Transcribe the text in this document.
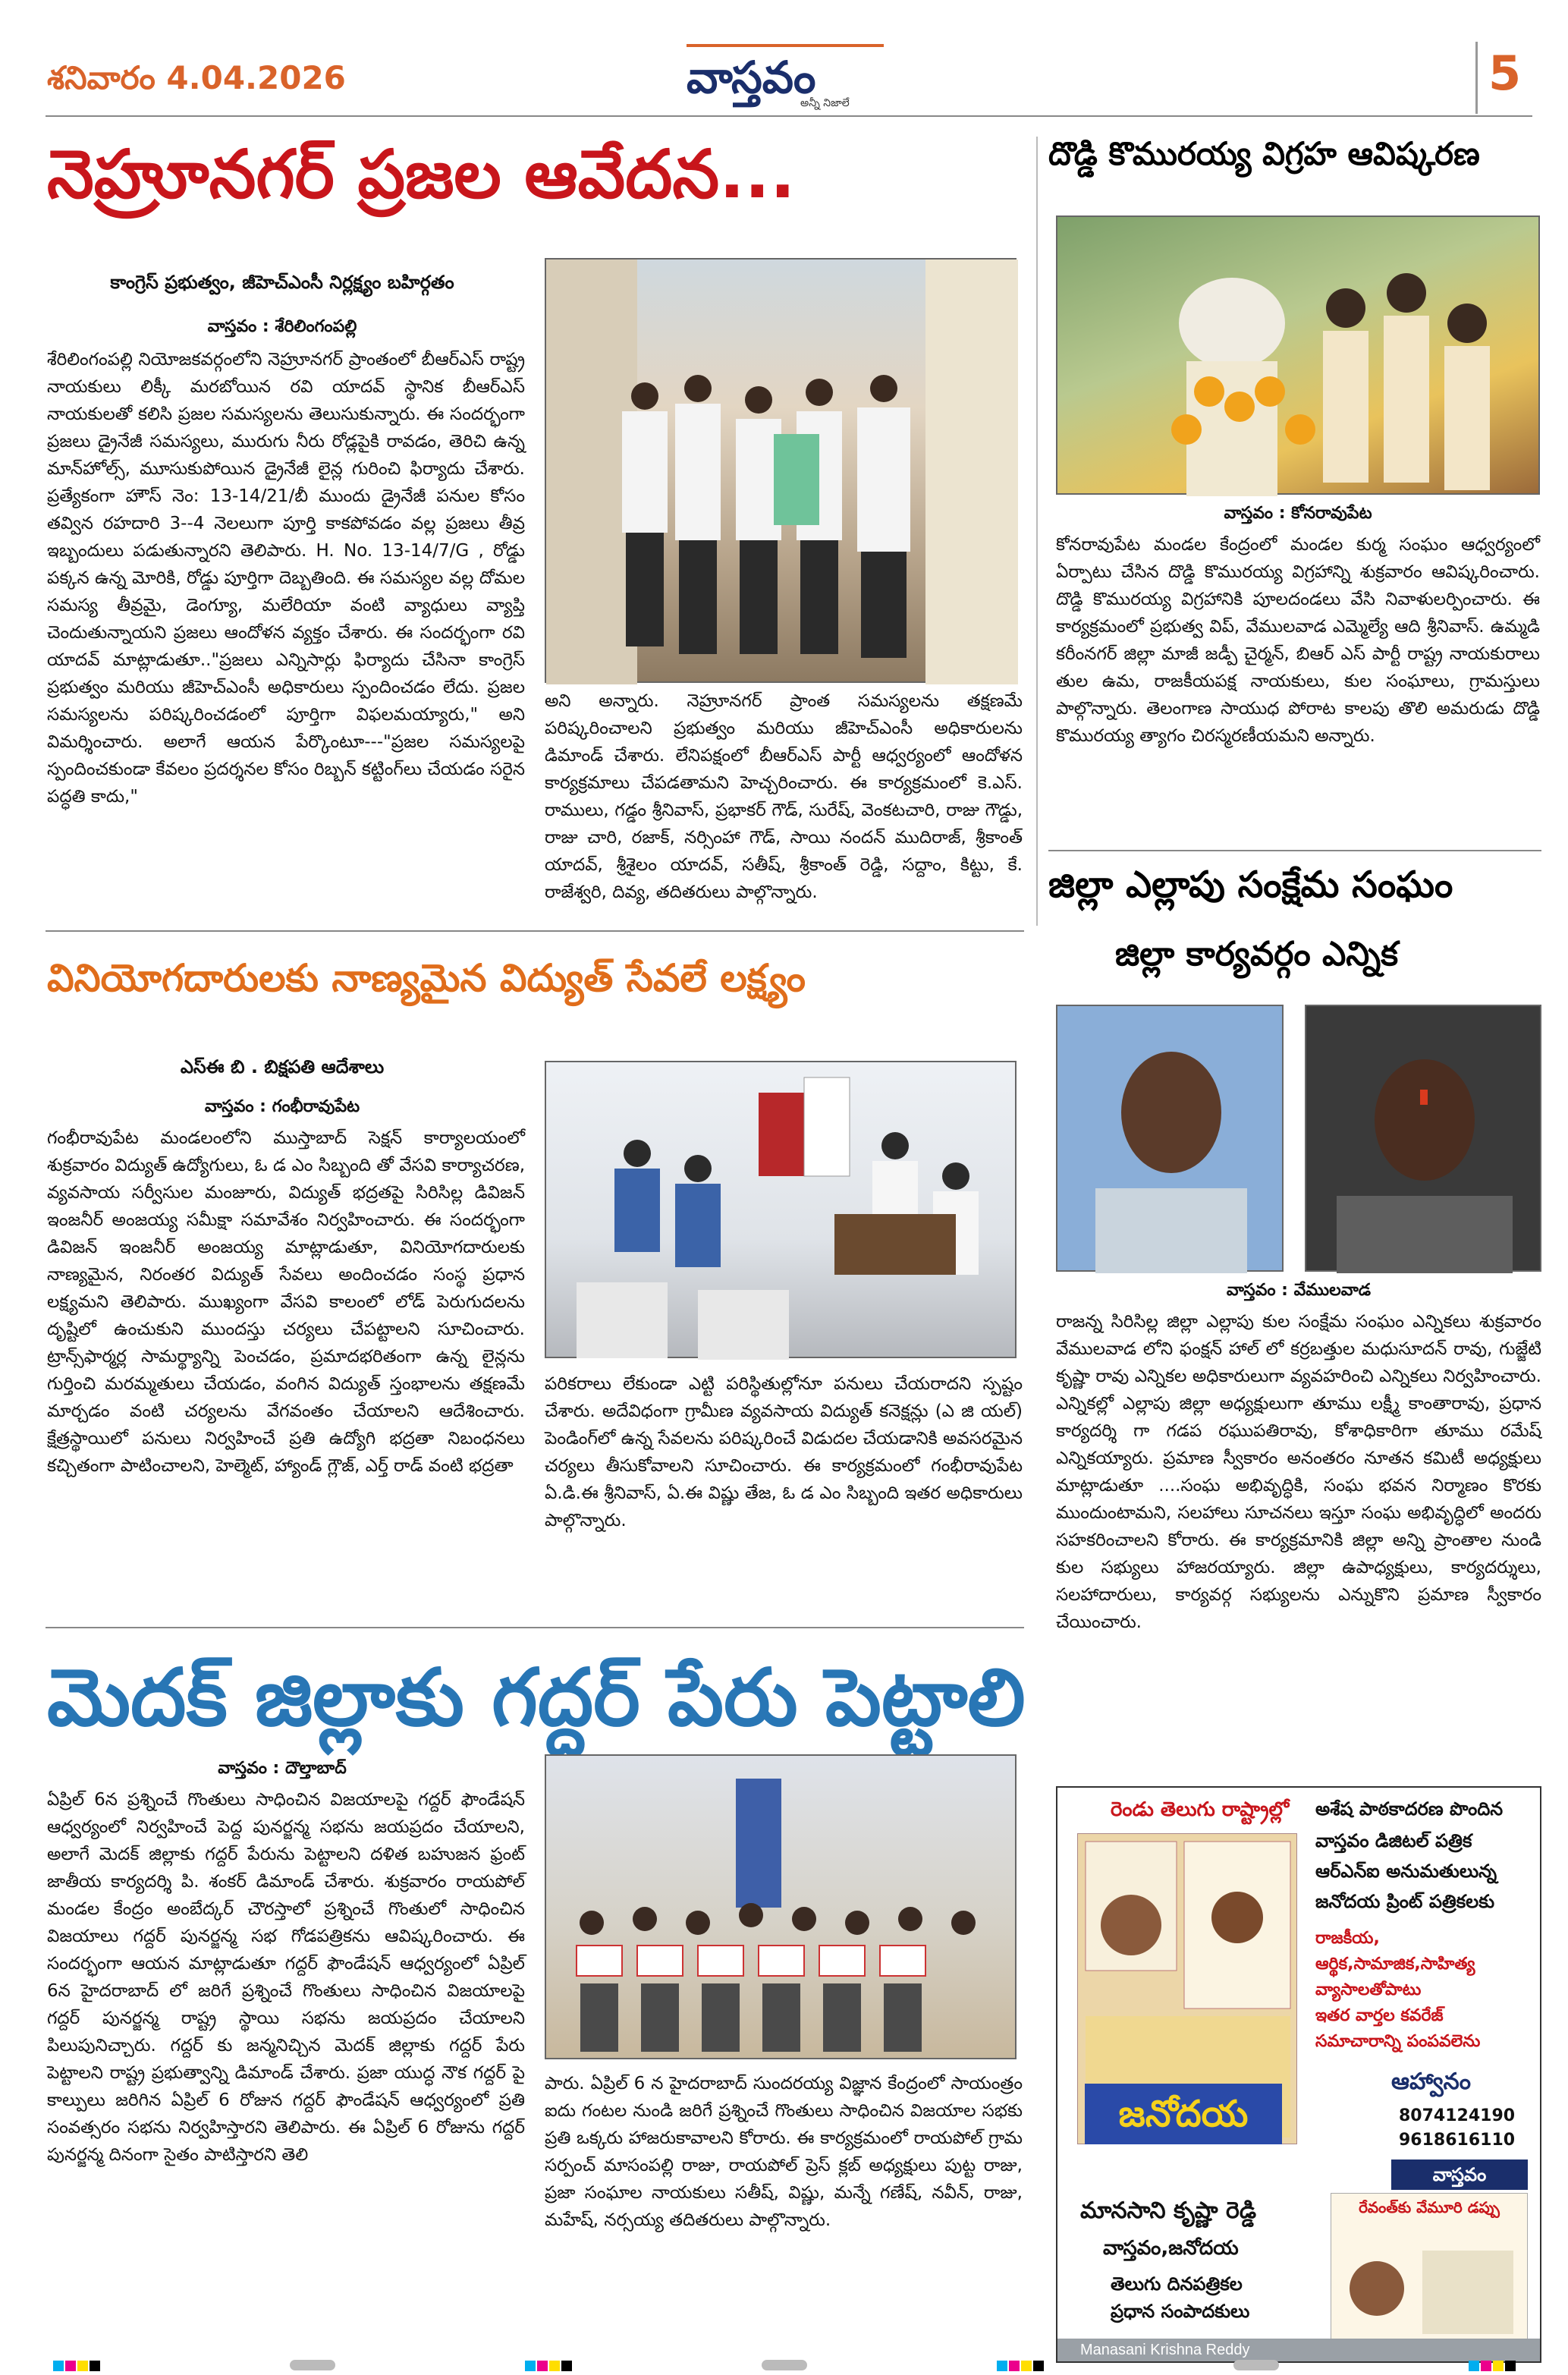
శనివారం 4.04.2026	వాస్తవం
అన్నీ నిజాలే
5
నెహ్రూనగర్ ప్రజల ఆవేదన...
కాంగ్రెస్ ప్రభుత్వం, జీహెచ్ఎంసీ నిర్లక్ష్యం బహిర్గతం
వాస్తవం : శేరిలింగంపల్లి
శేరిలింగంపల్లి నియోజకవర్గంలోని నెహ్రూనగర్ ప్రాంతంలో బీఆర్ఎస్ రాష్ట్ర నాయకులు లిక్కీ మరబోయిన రవి యాదవ్ స్థానిక బీఆర్ఎస్ నాయకులతో కలిసి ప్రజల సమస్యలను తెలుసుకున్నారు. ఈ సందర్భంగా ప్రజలు డ్రైనేజీ సమస్యలు, మురుగు నీరు రోడ్లపైకి రావడం, తెరిచి ఉన్న మాన్‌హోల్స్, మూసుకుపోయిన డ్రైనేజీ లైన్ల గురించి ఫిర్యాదు చేశారు. ప్రత్యేకంగా హౌస్ నెం: 13-14/21/బీ ముందు డ్రైనేజీ పనుల కోసం తవ్విన రహదారి 3--4 నెలలుగా పూర్తి కాకపోవడం వల్ల ప్రజలు తీవ్ర ఇబ్బందులు పడుతున్నారని తెలిపారు. H. No. 13-14/7/G , రోడ్డు పక్కన ఉన్న మోరికి, రోడ్డు పూర్తిగా దెబ్బతింది. ఈ సమస్యల వల్ల దోమల సమస్య తీవ్రమై, డెంగ్యూ, మలేరియా వంటి వ్యాధులు వ్యాప్తి చెందుతున్నాయని ప్రజలు ఆందోళన వ్యక్తం చేశారు. ఈ సందర్భంగా రవి యాదవ్ మాట్లాడుతూ.."ప్రజలు ఎన్నిసార్లు ఫిర్యాదు చేసినా కాంగ్రెస్ ప్రభుత్వం మరియు జీహెచ్ఎంసీ అధికారులు స్పందించడం లేదు. ప్రజల సమస్యలను పరిష్కరించడంలో పూర్తిగా విఫలమయ్యారు," అని విమర్శించారు. అలాగే ఆయన పేర్కొంటూ---"ప్రజల సమస్యలపై స్పందించకుండా కేవలం ప్రదర్శనల కోసం రిబ్బన్ కట్టింగ్‌లు చేయడం సరైన పద్ధతి కాదు,"
అని అన్నారు. నెహ్రూనగర్ ప్రాంత సమస్యలను తక్షణమే పరిష్కరించాలని ప్రభుత్వం మరియు జీహెచ్ఎంసీ అధికారులను డిమాండ్ చేశారు. లేనిపక్షంలో బీఆర్ఎస్ పార్టీ ఆధ్వర్యంలో ఆందోళన కార్యక్రమాలు చేపడతామని హెచ్చరించారు. ఈ కార్యక్రమంలో కె.ఎస్. రాములు, గడ్డం శ్రీనివాస్, ప్రభాకర్ గౌడ్, సురేష్, వెంకటచారి, రాజు గౌడ్డు, రాజు చారి, రజాక్, నర్సింహా గౌడ్, సాయి నందన్ ముదిరాజ్, శ్రీకాంత్ యాదవ్, శ్రీశైలం యాదవ్, సతీష్, శ్రీకాంత్ రెడ్డి, సద్దాం, కిట్టు, కే. రాజేశ్వరి, దివ్య, తదితరులు పాల్గొన్నారు.
దొడ్డి కొమురయ్య విగ్రహ ఆవిష్కరణ
వాస్తవం : కోనరావుపేట
కోనరావుపేట మండల కేంద్రంలో మండల కుర్మ సంఘం ఆధ్వర్యంలో ఏర్పాటు చేసిన దొడ్డి కొమురయ్య విగ్రహాన్ని శుక్రవారం ఆవిష్కరించారు. దొడ్డి కొమురయ్య విగ్రహానికి పూలదండలు వేసి నివాళులర్పించారు. ఈ కార్యక్రమంలో ప్రభుత్వ విప్, వేములవాడ ఎమ్మెల్యే ఆది శ్రీనివాస్. ఉమ్మడి కరీంనగర్ జిల్లా మాజీ జడ్పీ చైర్మన్, బిఆర్ ఎస్ పార్టీ రాష్ట్ర నాయకురాలు తుల ఉమ, రాజకీయపక్ష నాయకులు, కుల సంఘాలు, గ్రామస్తులు పాల్గొన్నారు. తెలంగాణ సాయుధ పోరాట కాలపు తొలి అమరుడు దొడ్డి కొమురయ్య త్యాగం చిరస్మరణీయమని అన్నారు.
వినియోగదారులకు నాణ్యమైన విద్యుత్ సేవలే లక్ష్యం
ఎస్ఈ బి . బిక్షపతి ఆదేశాలు
వాస్తవం : గంభీరావుపేట
గంభీరావుపేట మండలంలోని ముస్తాబాద్ సెక్షన్ కార్యాలయంలో శుక్రవారం విద్యుత్ ఉద్యోగులు, ఓ డ ఎం సిబ్బంది తో వేసవి కార్యాచరణ, వ్యవసాయ సర్వీసుల మంజూరు, విద్యుత్ భద్రతపై సిరిసిల్ల డివిజన్ ఇంజనీర్ అంజయ్య సమీక్షా సమావేశం నిర్వహించారు. ఈ సందర్భంగా డివిజన్ ఇంజనీర్ అంజయ్య మాట్లాడుతూ, వినియోగదారులకు నాణ్యమైన, నిరంతర విద్యుత్ సేవలు అందించడం సంస్థ ప్రధాన లక్ష్యమని తెలిపారు. ముఖ్యంగా వేసవి కాలంలో లోడ్ పెరుగుదలను దృష్టిలో ఉంచుకుని ముందస్తు చర్యలు చేపట్టాలని సూచించారు. ట్రాన్స్‌ఫార్మర్ల సామర్థ్యాన్ని పెంచడం, ప్రమాదభరితంగా ఉన్న లైన్లను గుర్తించి మరమ్మతులు చేయడం, వంగిన విద్యుత్ స్తంభాలను తక్షణమే మార్చడం వంటి చర్యలను వేగవంతం చేయాలని ఆదేశించారు. క్షేత్రస్థాయిలో పనులు నిర్వహించే ప్రతి ఉద్యోగి భద్రతా నిబంధనలు కచ్చితంగా పాటించాలని, హెల్మెట్, హ్యాండ్ గ్లౌజ్, ఎర్త్ రాడ్ వంటి భద్రతా
పరికరాలు లేకుండా ఎట్టి పరిస్థితుల్లోనూ పనులు చేయరాదని స్పష్టం చేశారు. అదేవిధంగా గ్రామీణ వ్యవసాయ విద్యుత్ కనెక్షన్లు (ఎ జి యల్) పెండింగ్‌లో ఉన్న సేవలను పరిష్కరించే విడుదల చేయడానికి అవసరమైన చర్యలు తీసుకోవాలని సూచించారు. ఈ కార్యక్రమంలో గంభీరావుపేట ఏ.డి.ఈ శ్రీనివాస్, ఏ.ఈ విష్ణు తేజ, ఓ డ ఎం సిబ్బంది ఇతర అధికారులు పాల్గొన్నారు.
జిల్లా ఎల్లాపు సంక్షేమ సంఘం
జిల్లా కార్యవర్గం ఎన్నిక
వాస్తవం : వేములవాడ
రాజన్న సిరిసిల్ల జిల్లా ఎల్లాపు కుల సంక్షేమ సంఘం ఎన్నికలు శుక్రవారం వేములవాడ లోని ఫంక్షన్ హాల్ లో కర్రబత్తుల మధుసూదన్ రావు, గుజ్జేటి కృష్ణా రావు ఎన్నికల అధికారులుగా వ్యవహరించి ఎన్నికలు నిర్వహించారు. ఎన్నికల్లో ఎల్లాపు జిల్లా అధ్యక్షులుగా తూము లక్ష్మీ కాంతారావు, ప్రధాన కార్యదర్శి గా గడప రఘుపతిరావు, కోశాధికారిగా తూము రమేష్ ఎన్నికయ్యారు. ప్రమాణ స్వీకారం అనంతరం నూతన కమిటీ అధ్యక్షులు మాట్లాడుతూ ....సంఘ అభివృద్ధికి, సంఘ భవన నిర్మాణం కొరకు ముందుంటామని, సలహాలు సూచనలు ఇస్తూ సంఘ అభివృద్ధిలో అందరు సహకరించాలని కోరారు. ఈ కార్యక్రమానికి జిల్లా అన్ని ప్రాంతాల నుండి కుల సభ్యులు హాజరయ్యారు. జిల్లా ఉపాధ్యక్షులు, కార్యదర్శులు, సలహాదారులు, కార్యవర్గ సభ్యులను ఎన్నుకొని ప్రమాణ స్వీకారం చేయించారు.
మెదక్ జిల్లాకు గద్దర్ పేరు పెట్టాలి
వాస్తవం : దౌల్తాబాద్
ఏప్రిల్ 6న ప్రశ్నించే గొంతులు సాధించిన విజయాలపై గద్దర్ ఫౌండేషన్ ఆధ్వర్యంలో నిర్వహించే పెద్ద పునర్జన్మ సభను జయప్రదం చేయాలని, అలాగే మెదక్ జిల్లాకు గద్దర్ పేరును పెట్టాలని దళిత బహుజన ఫ్రంట్ జాతీయ కార్యదర్శి పి. శంకర్ డిమాండ్ చేశారు. శుక్రవారం రాయపోల్ మండల కేంద్రం అంబేద్కర్ చౌరస్తాలో ప్రశ్నించే గొంతులో సాధించిన విజయాలు గద్దర్ పునర్జన్మ సభ గోడపత్రికను ఆవిష్కరించారు. ఈ సందర్భంగా ఆయన మాట్లాడుతూ గద్దర్ ఫౌండేషన్ ఆధ్వర్యంలో ఏప్రిల్ 6న హైదరాబాద్ లో జరిగే ప్రశ్నించే గొంతులు సాధించిన విజయాలపై గద్దర్ పునర్జన్మ రాష్ట్ర స్థాయి సభను జయప్రదం చేయాలని పిలుపునిచ్చారు. గద్దర్ కు జన్మనిచ్చిన మెదక్ జిల్లాకు గద్దర్ పేరు పెట్టాలని రాష్ట్ర ప్రభుత్వాన్ని డిమాండ్ చేశారు. ప్రజా యుద్ధ నౌక గద్దర్ పై కాల్పులు జరిగిన ఏప్రిల్ 6 రోజున గద్దర్ ఫౌండేషన్ ఆధ్వర్యంలో ప్రతి సంవత్సరం సభను నిర్వహిస్తారని తెలిపారు. ఈ ఏప్రిల్ 6 రోజును గద్దర్ పునర్జన్మ దినంగా సైతం పాటిస్తారని తెలి
పారు. ఏప్రిల్ 6 న హైదరాబాద్ సుందరయ్య విజ్ఞాన కేంద్రంలో సాయంత్రం ఐదు గంటల నుండి జరిగే ప్రశ్నించే గొంతులు సాధించిన విజయాల సభకు ప్రతి ఒక్కరు హాజరుకావాలని కోరారు. ఈ కార్యక్రమంలో రాయపోల్ గ్రామ సర్పంచ్ మాసంపల్లి రాజు, రాయపోల్ ప్రెస్ క్లబ్ అధ్యక్షులు పుట్ట రాజు, ప్రజా సంఘాల నాయకులు సతీష్, విష్ణు, మన్నే గణేష్, నవీన్, రాజు, మహేష్, నర్సయ్య తదితరులు పాల్గొన్నారు.
రెండు తెలుగు రాష్ట్రాల్లో అశేష పాఠకాదరణ పొందిన
వాస్తవం డిజిటల్ పత్రిక
ఆర్ఎన్ఐ అనుమతులున్న
జనోదయ ప్రింట్ పత్రికలకు
జనోదయ
రాజకీయ,
ఆర్థిక,సామాజిక,సాహిత్య
వ్యాసాలతోపాటు
ఇతర వార్తల కవరేజ్
సమాచారాన్ని పంపవలెను
ఆహ్వానం
8074124190
9618616110
వాస్తవం
మానసాని కృష్ణా రెడ్డి
వాస్తవం,జనోదయ
తెలుగు దినపత్రికల
ప్రధాన సంపాదకులు
రేవంత్‌కు వేమూరి డప్పు
Manasani Krishna Reddy
